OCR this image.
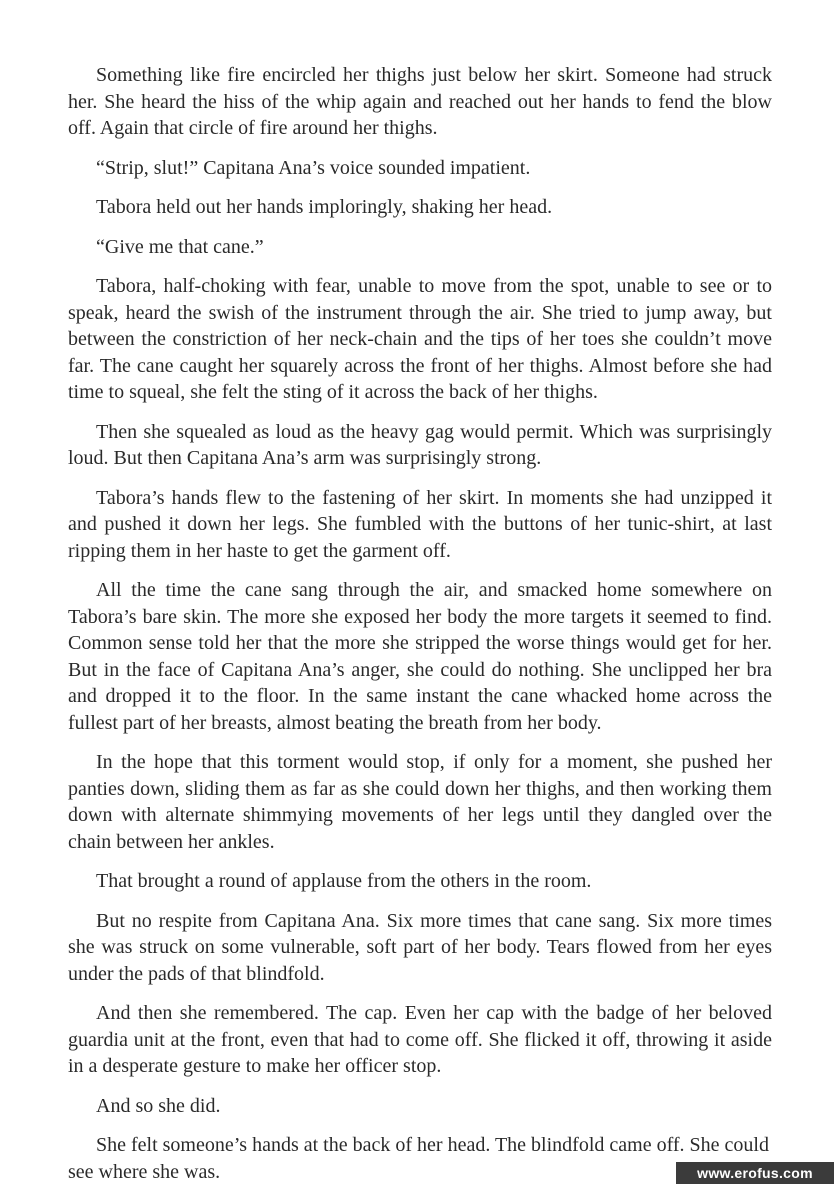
Something like fire encircled her thighs just below her skirt. Someone had struck her. She heard the hiss of the whip again and reached out her hands to fend the blow off. Again that circle of fire around her thighs.

“Strip, slut!” Capitana Ana’s voice sounded impatient.

Tabora held out her hands imploringly, shaking her head.

“Give me that cane.”

Tabora, half-choking with fear, unable to move from the spot, unable to see or to speak, heard the swish of the instrument through the air. She tried to jump away, but between the constriction of her neck-chain and the tips of her toes she couldn’t move far. The cane caught her squarely across the front of her thighs. Almost before she had time to squeal, she felt the sting of it across the back of her thighs.

Then she squealed as loud as the heavy gag would permit. Which was surprisingly loud. But then Capitana Ana’s arm was surprisingly strong.

Tabora’s hands flew to the fastening of her skirt. In moments she had unzipped it and pushed it down her legs. She fumbled with the buttons of her tunic-shirt, at last ripping them in her haste to get the garment off.

All the time the cane sang through the air, and smacked home somewhere on Tabora’s bare skin. The more she exposed her body the more targets it seemed to find. Common sense told her that the more she stripped the worse things would get for her. But in the face of Capitana Ana’s anger, she could do nothing. She unclipped her bra and dropped it to the floor. In the same instant the cane whacked home across the fullest part of her breasts, almost beating the breath from her body.

In the hope that this torment would stop, if only for a moment, she pushed her panties down, sliding them as far as she could down her thighs, and then working them down with alternate shimmying movements of her legs until they dangled over the chain between her ankles.

That brought a round of applause from the others in the room.

But no respite from Capitana Ana. Six more times that cane sang. Six more times she was struck on some vulnerable, soft part of her body. Tears flowed from her eyes under the pads of that blindfold.

And then she remembered. The cap. Even her cap with the badge of her beloved guardia unit at the front, even that had to come off. She flicked it off, throwing it aside in a desperate gesture to make her officer stop.

And so she did.

She felt someone’s hands at the back of her head. The blindfold came off. She could see where she was.	www.erofus.com
